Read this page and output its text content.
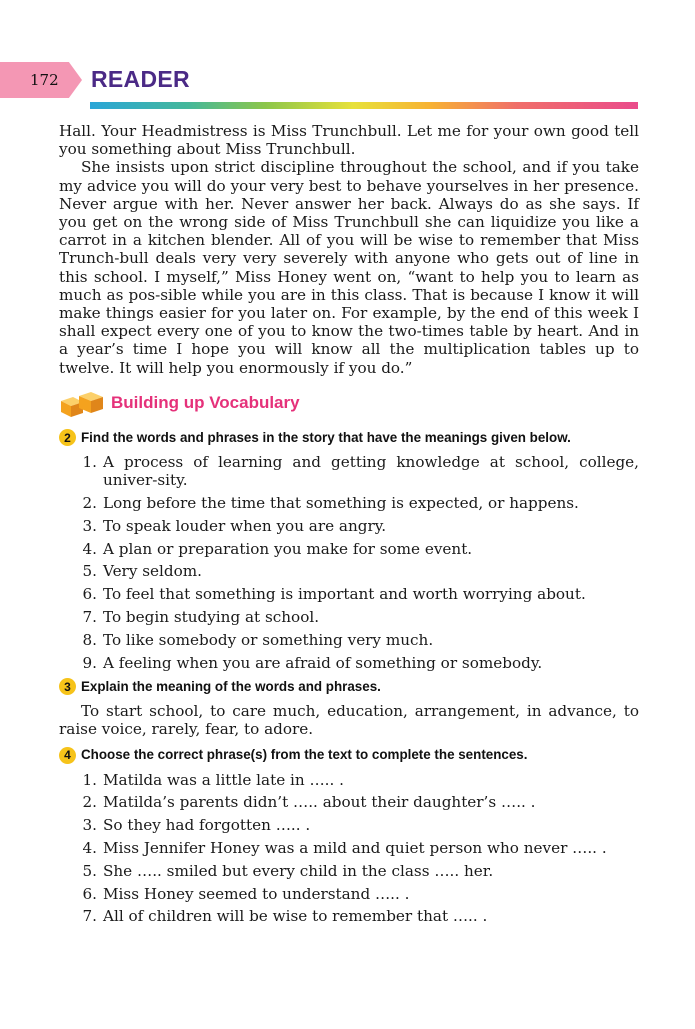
172 READER

Hall. Your Headmistress is Miss Trunchbull. Let me for your own good tell you something about Miss Trunchbull.

She insists upon strict discipline throughout the school, and if you take my advice you will do your very best to behave yourselves in her presence. Never argue with her. Never answer her back. Always do as she says. If you get on the wrong side of Miss Trunchbull she can liquidize you like a carrot in a kitchen blender. All of you will be wise to remember that Miss Trunch-bull deals very very severely with anyone who gets out of line in this school. I myself,” Miss Honey went on, “want to help you to learn as much as pos-sible while you are in this class. That is because I know it will make things easier for you later on. For example, by the end of this week I shall expect every one of you to know the two-times table by heart. And in a year’s time I hope you will know all the multiplication tables up to twelve. It will help you enormously if you do.”

Building up Vocabulary
2 Find the words and phrases in the story that have the meanings given below.
1. A process of learning and getting knowledge at school, college, univer-sity.
2. Long before the time that something is expected, or happens.
3. To speak louder when you are angry.
4. A plan or preparation you make for some event.
5. Very seldom.
6. To feel that something is important and worth worrying about.
7. To begin studying at school.
8. To like somebody or something very much.
9. A feeling when you are afraid of something or somebody.
3 Explain the meaning of the words and phrases.

To start school, to care much, education, arrangement, in advance, to raise voice, rarely, fear, to adore.

4 Choose the correct phrase(s) from the text to complete the sentences.
1. Matilda was a little late in ….. .
2. Matilda’s parents didn’t ….. about their daughter’s ….. .
3. So they had forgotten ….. .
4. Miss Jennifer Honey was a mild and quiet person who never ….. .
5. She ….. smiled but every child in the class ….. her.
6. Miss Honey seemed to understand ….. .
7. All of children will be wise to remember that ….. .
